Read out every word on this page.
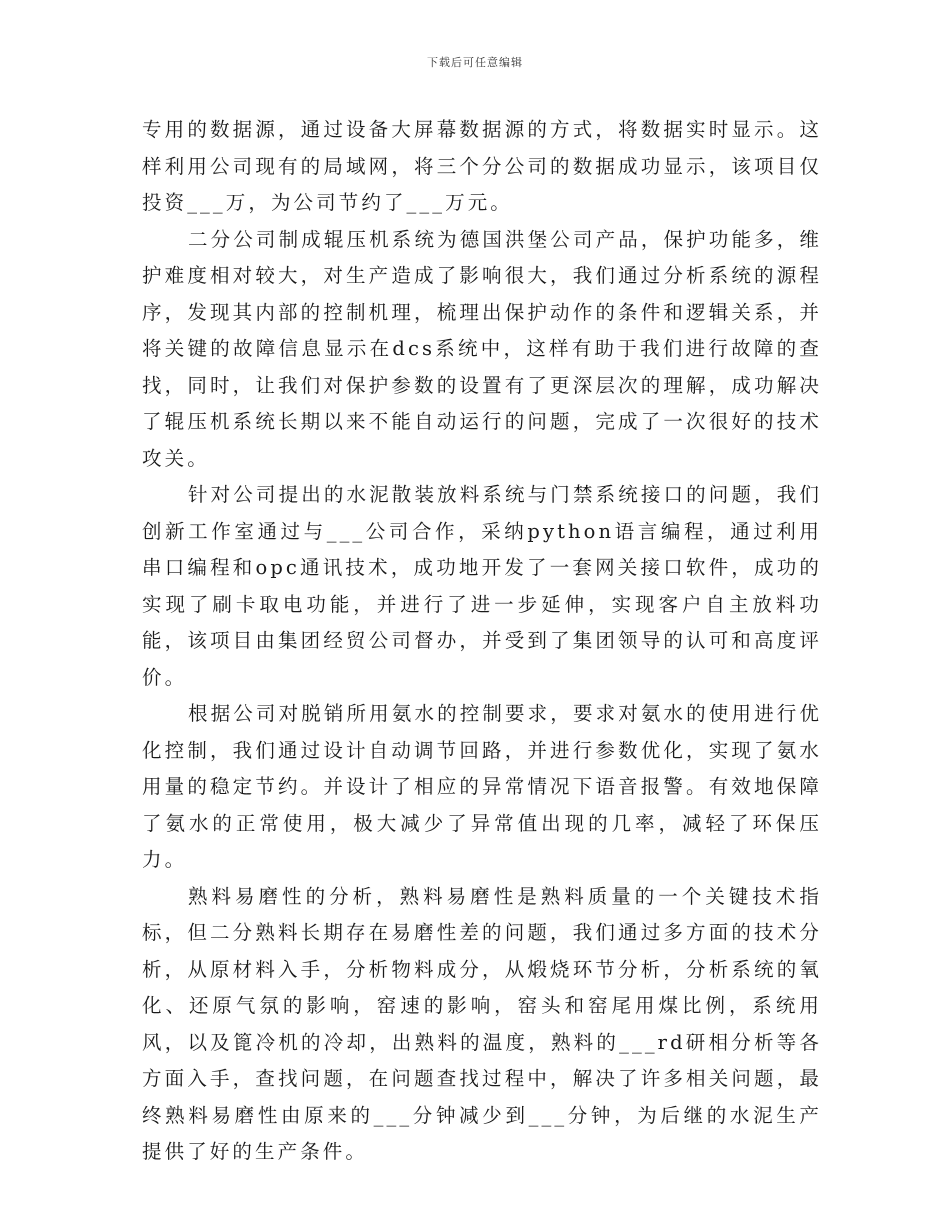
下载后可任意编辑

专用的数据源，通过设备大屏幕数据源的方式，将数据实时显示。这样利用公司现有的局域网，将三个分公司的数据成功显示，该项目仅投资___万，为公司节约了___万元。

二分公司制成辊压机系统为德国洪堡公司产品，保护功能多，维护难度相对较大，对生产造成了影响很大，我们通过分析系统的源程序，发现其内部的控制机理，梳理出保护动作的条件和逻辑关系，并将关键的故障信息显示在dcs系统中，这样有助于我们进行故障的查找，同时，让我们对保护参数的设置有了更深层次的理解，成功解决了辊压机系统长期以来不能自动运行的问题，完成了一次很好的技术攻关。

针对公司提出的水泥散装放料系统与门禁系统接口的问题，我们创新工作室通过与___公司合作，采纳python语言编程，通过利用串口编程和opc通讯技术，成功地开发了一套网关接口软件，成功的实现了刷卡取电功能，并进行了进一步延伸，实现客户自主放料功能，该项目由集团经贸公司督办，并受到了集团领导的认可和高度评价。

根据公司对脱销所用氨水的控制要求，要求对氨水的使用进行优化控制，我们通过设计自动调节回路，并进行参数优化，实现了氨水用量的稳定节约。并设计了相应的异常情况下语音报警。有效地保障了氨水的正常使用，极大减少了异常值出现的几率，减轻了环保压力。

熟料易磨性的分析，熟料易磨性是熟料质量的一个关键技术指标，但二分熟料长期存在易磨性差的问题，我们通过多方面的技术分析，从原材料入手，分析物料成分，从煅烧环节分析，分析系统的氧化、还原气氛的影响，窑速的影响，窑头和窑尾用煤比例，系统用风，以及篦冷机的冷却，出熟料的温度，熟料的___rd研相分析等各方面入手，查找问题，在问题查找过程中，解决了许多相关问题，最终熟料易磨性由原来的___分钟减少到___分钟，为后继的水泥生产提供了好的生产条件。
